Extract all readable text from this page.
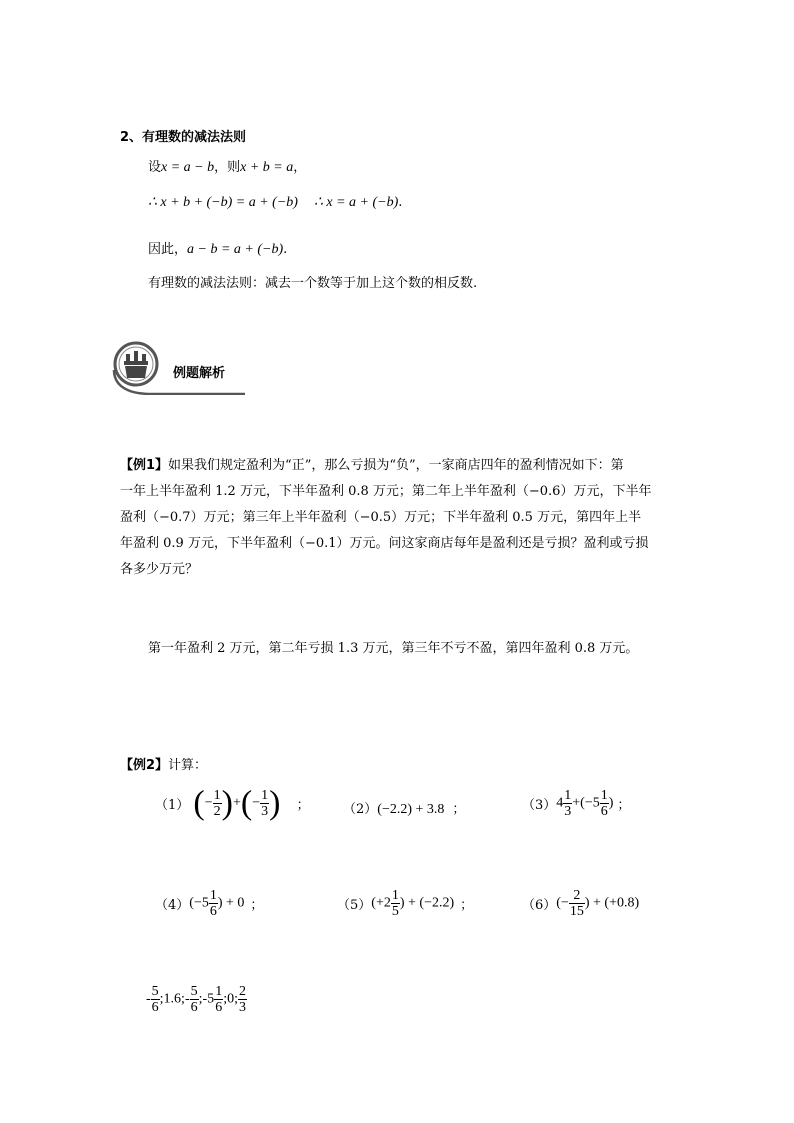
2、有理数的减法法则
设x = a − b，则x + b = a，
∴ x + b + (−b) = a + (−b) ∴ x = a + (−b).
因此，a − b = a + (−b).
有理数的减法法则：减去一个数等于加上这个数的相反数.
例题解析
【例1】如果我们规定盈利为“正”，那么亏损为“负”，一家商店四年的盈利情况如下：第
一年上半年盈利 1.2 万元，下半年盈利 0.8 万元；第二年上半年盈利（−0.6）万元，下半年
盈利（−0.7）万元；第三年上半年盈利（−0.5）万元；下半年盈利 0.5 万元，第四年上半
年盈利 0.9 万元，下半年盈利（−0.1）万元。问这家商店每年是盈利还是亏损？盈利或亏损
各多少万元？
第一年盈利 2 万元，第二年亏损 1.3 万元，第三年不亏不盈，第四年盈利 0.8 万元。
【例2】计算：
（1） (− $\frac{1}{2}$ )+(− $\frac{1}{3}$ ) ；	（2）(−2.2) + 3.8 ；	$(3)4 \frac{1}{3} +(-5 \frac{1}{6}$ ) ；
$(4)(-5 \frac{1}{6}$ ) + 0 ；	$(5)(+2 \frac{1}{5}$ ) + (−2.2) ；	$(6)(- \frac{2}{15}$ ) + (+0.8)
- $\frac{5}{6}$ ;1.6;- $\frac{5}{6}$ ;-5 $\frac{1}{6}$ ;0; $\frac{2}{3}$
